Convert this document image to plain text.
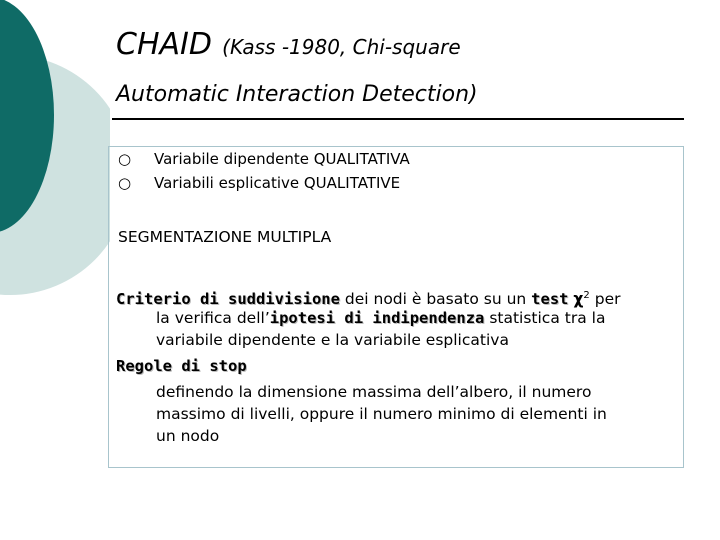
CHAID (Kass -1980, Chi-square
Automatic Interaction Detection)
○ Variabile dipendente QUALITATIVA
○ Variabili esplicative QUALITATIVE
SEGMENTAZIONE MULTIPLA
Criterio di suddivisione dei nodi è basato su un test $\chi^2$ per
la verifica dell’ipotesi di indipendenza statistica tra la
variabile dipendente e la variabile esplicativa
Regole di stop
definendo la dimensione massima dell’albero, il numero
massimo di livelli, oppure il numero minimo di elementi in
un nodo
